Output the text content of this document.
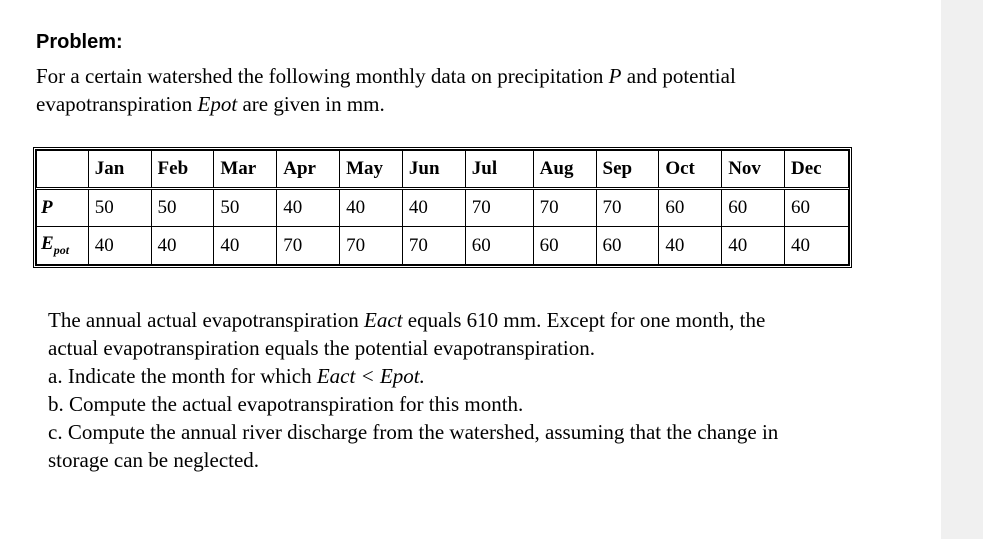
Problem:
For a certain watershed the following monthly data on precipitation P and potential
evapotranspiration Epot are given in mm.
	Jan	Feb	Mar	Apr	May	Jun	Jul	Aug	Sep	Oct	Nov	Dec
P	50	50	50	40	40	40	70	70	70	60	60	60
$E_{pot}$	40	40	40	70	70	70	60	60	60	40	40	40
The annual actual evapotranspiration Eact equals 610 mm. Except for one month, the
actual evapotranspiration equals the potential evapotranspiration.
a. Indicate the month for which Eact < Epot.
b. Compute the actual evapotranspiration for this month.
c. Compute the annual river discharge from the watershed, assuming that the change in
storage can be neglected.
